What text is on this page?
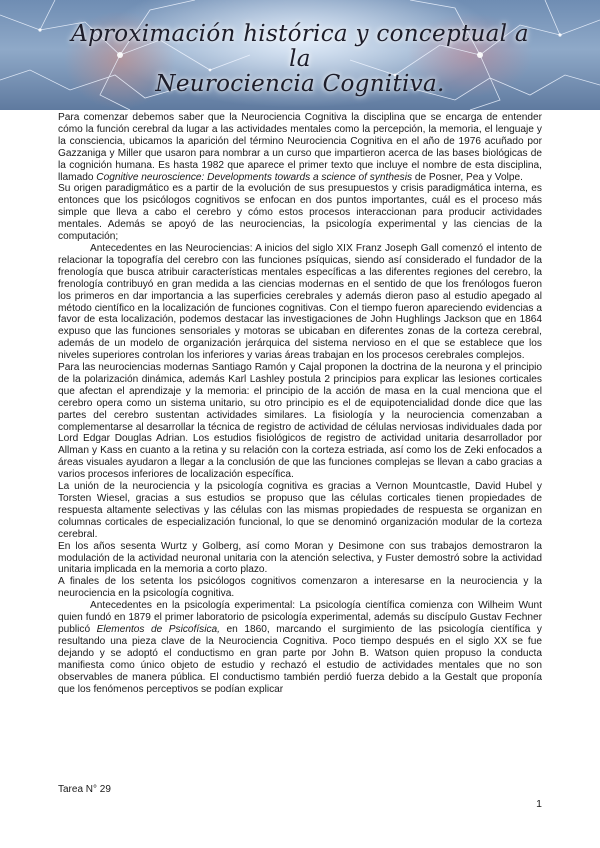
Aproximación histórica y conceptual a la
Neurociencia Cognitiva.

Para comenzar debemos saber que la Neurociencia Cognitiva la disciplina que se encarga de entender cómo la función cerebral da lugar a las actividades mentales como la percepción, la memoria, el lenguaje y la consciencia, ubicamos la aparición del término Neurociencia Cognitiva en el año de 1976 acuñado por Gazzaniga y Miller que usaron para nombrar a un curso que impartieron acerca de las bases biológicas de la cognición humana. Es hasta 1982 que aparece el primer texto que incluye el nombre de esta disciplina, llamado Cognitive neuroscience: Developments towards a science of synthesis de Posner, Pea y Volpe.

Su origen paradigmático es a partir de la evolución de sus presupuestos y crisis paradigmática interna, es entonces que los psicólogos cognitivos se enfocan en dos puntos importantes, cuál es el proceso más simple que lleva a cabo el cerebro y cómo estos procesos interaccionan para producir actividades mentales. Además se apoyó de las neurociencias, la psicología experimental y las ciencias de la computación;

Antecedentes en las Neurociencias: A inicios del siglo XIX Franz Joseph Gall comenzó el intento de relacionar la topografía del cerebro con las funciones psíquicas, siendo así considerado el fundador de la frenología que busca atribuir características mentales específicas a las diferentes regiones del cerebro, la frenología contribuyó en gran medida a las ciencias modernas en el sentido de que los frenólogos fueron los primeros en dar importancia a las superficies cerebrales y además dieron paso al estudio apegado al método científico en la localización de funciones cognitivas. Con el tiempo fueron apareciendo evidencias a favor de esta localización, podemos destacar las investigaciones de John Hughlings Jackson que en 1864 expuso que las funciones sensoriales y motoras se ubicaban en diferentes zonas de la corteza cerebral, además de un modelo de organización jerárquica del sistema nervioso en el que se establece que los niveles superiores controlan los inferiores y varias áreas trabajan en los procesos cerebrales complejos.

Para las neurociencias modernas Santiago Ramón y Cajal proponen la doctrina de la neurona y el principio de la polarización dinámica, además Karl Lashley postula 2 principios para explicar las lesiones corticales que afectan el aprendizaje y la memoria: el principio de la acción de masa en la cual menciona que el cerebro opera como un sistema unitario, su otro principio es el de equipotencialidad donde dice que las partes del cerebro sustentan actividades similares. La fisiología y la neurociencia comenzaban a complementarse al desarrollar la técnica de registro de actividad de células nerviosas individuales dada por Lord Edgar Douglas Adrian. Los estudios fisiológicos de registro de actividad unitaria desarrollador por Allman y Kass en cuanto a la retina y su relación con la corteza estriada, así como los de Zeki enfocados a áreas visuales ayudaron a llegar a la conclusión de que las funciones complejas se llevan a cabo gracias a varios procesos inferiores de localización específica.

La unión de la neurociencia y la psicología cognitiva es gracias a Vernon Mountcastle, David Hubel y Torsten Wiesel, gracias a sus estudios se propuso que las células corticales tienen propiedades de respuesta altamente selectivas y las células con las mismas propiedades de respuesta se organizan en columnas corticales de especialización funcional, lo que se denominó organización modular de la corteza cerebral.

En los años sesenta Wurtz y Golberg, así como Moran y Desimone con sus trabajos demostraron la modulación de la actividad neuronal unitaria con la atención selectiva, y Fuster demostró sobre la actividad unitaria implicada en la memoria a corto plazo.

A finales de los setenta los psicólogos cognitivos comenzaron a interesarse en la neurociencia y la neurociencia en la psicología cognitiva.

Antecedentes en la psicología experimental: La psicología científica comienza con Wilheim Wunt quien fundó en 1879 el primer laboratorio de psicología experimental, además su discípulo Gustav Fechner publicó Elementos de Psicofísica, en 1860, marcando el surgimiento de las psicología científica y resultando una pieza clave de la Neurociencia Cognitiva. Poco tiempo después en el siglo XX se fue dejando y se adoptó el conductismo en gran parte por John B. Watson quien propuso la conducta manifiesta como único objeto de estudio y rechazó el estudio de actividades mentales que no son observables de manera pública. El conductismo también perdió fuerza debido a la Gestalt que proponía que los fenómenos perceptivos se podían explicar

Tarea N° 29
1
